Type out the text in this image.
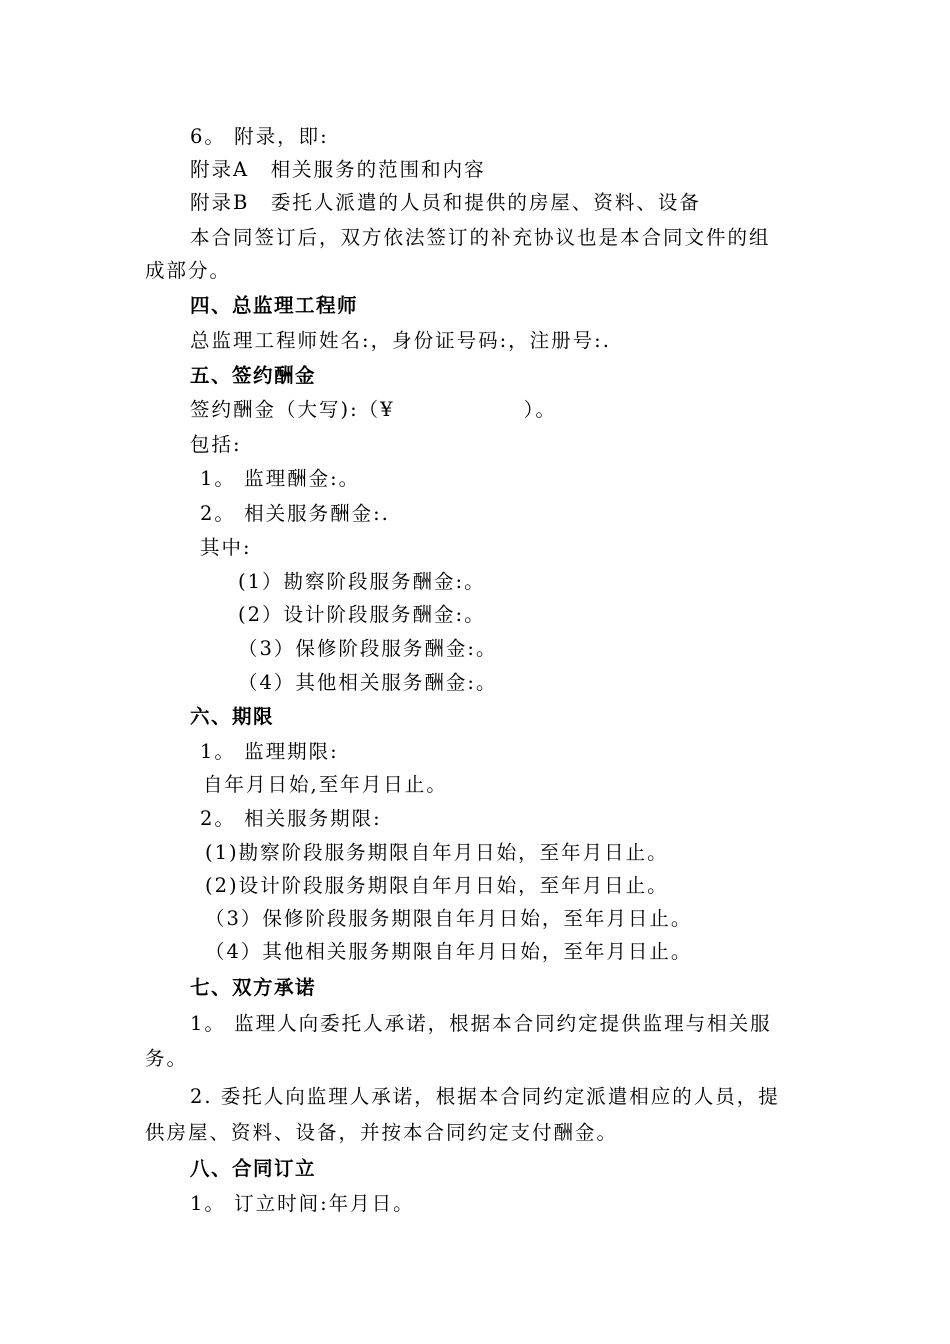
6。 附录，即:
附录A　相关服务的范围和内容
附录B　委托人派遣的人员和提供的房屋、资料、设备
本合同签订后，双方依法签订的补充协议也是本合同文件的组
成部分。
四、总监理工程师
总监理工程师姓名:，身份证号码:，注册号:.
五、签约酬金
签约酬金（大写):（¥　　　　　　）。
包括:
1。 监理酬金:。
2。 相关服务酬金:.
其中:
(1）勘察阶段服务酬金:。
(2）设计阶段服务酬金:。
（3）保修阶段服务酬金:。
（4）其他相关服务酬金:。
六、期限
1。 监理期限:
自年月日始,至年月日止。
2。 相关服务期限:
(1)勘察阶段服务期限自年月日始，至年月日止。
(2)设计阶段服务期限自年月日始，至年月日止。
（3）保修阶段服务期限自年月日始，至年月日止。
（4）其他相关服务期限自年月日始，至年月日止。
七、双方承诺
1。 监理人向委托人承诺，根据本合同约定提供监理与相关服
务。
2. 委托人向监理人承诺，根据本合同约定派遣相应的人员，提
供房屋、资料、设备，并按本合同约定支付酬金。
八、合同订立
1。 订立时间:年月日。
